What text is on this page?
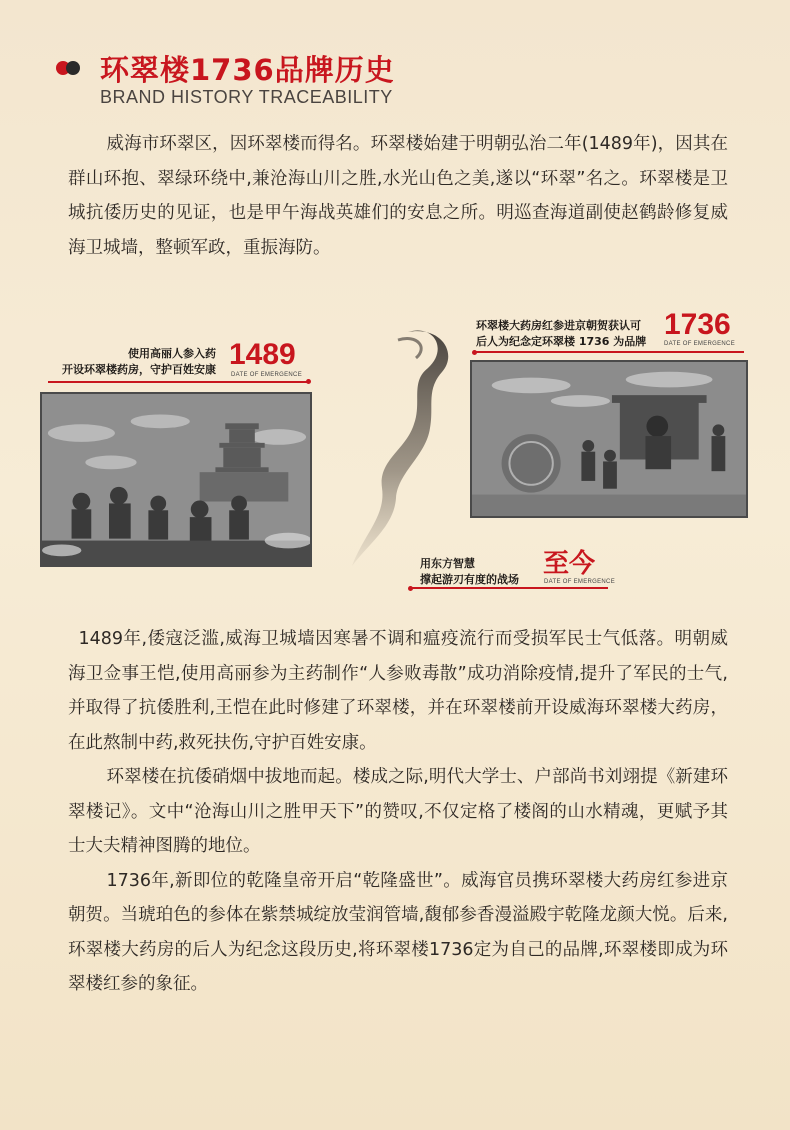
环翠楼1736品牌历史
BRAND HISTORY TRACEABILITY

威海市环翠区，因环翠楼而得名。环翠楼始建于明朝弘治二年(1489年)，因其在群山环抱、翠绿环绕中,兼沧海山川之胜,水光山色之美,遂以“环翠”名之。环翠楼是卫城抗倭历史的见证，也是甲午海战英雄们的安息之所。明巡查海道副使赵鹤龄修复威海卫城墙，整顿军政，重振海防。

使用高丽人参入药
开设环翠楼药房，守护百姓安康 1489
DATE OF EMERGENCE
环翠楼大药房红参进京朝贺获认可
后人为纪念定环翠楼 1736 为品牌
1736
DATE OF EMERGENCE
用东方智慧
撑起游刃有度的战场
至今
DATE OF EMERGENCE

1489年,倭寇泛滥,威海卫城墙因寒暑不调和瘟疫流行而受损军民士气低落。明朝威海卫佥事王恺,使用高丽参为主药制作“人参败毒散”成功消除疫情,提升了军民的士气,并取得了抗倭胜利,王恺在此时修建了环翠楼，并在环翠楼前开设威海环翠楼大药房，在此熬制中药,救死扶伤,守护百姓安康。

环翠楼在抗倭硝烟中拔地而起。楼成之际,明代大学士、户部尚书刘翊提《新建环翠楼记》。文中“沧海山川之胜甲天下”的赞叹,不仅定格了楼阁的山水精魂，更赋予其士大夫精神图腾的地位。

1736年,新即位的乾隆皇帝开启“乾隆盛世”。威海官员携环翠楼大药房红参进京朝贺。当琥珀色的参体在紫禁城绽放莹润管墙,馥郁参香漫溢殿宇乾隆龙颜大悦。后来,环翠楼大药房的后人为纪念这段历史,将环翠楼1736定为自己的品牌,环翠楼即成为环翠楼红参的象征。
